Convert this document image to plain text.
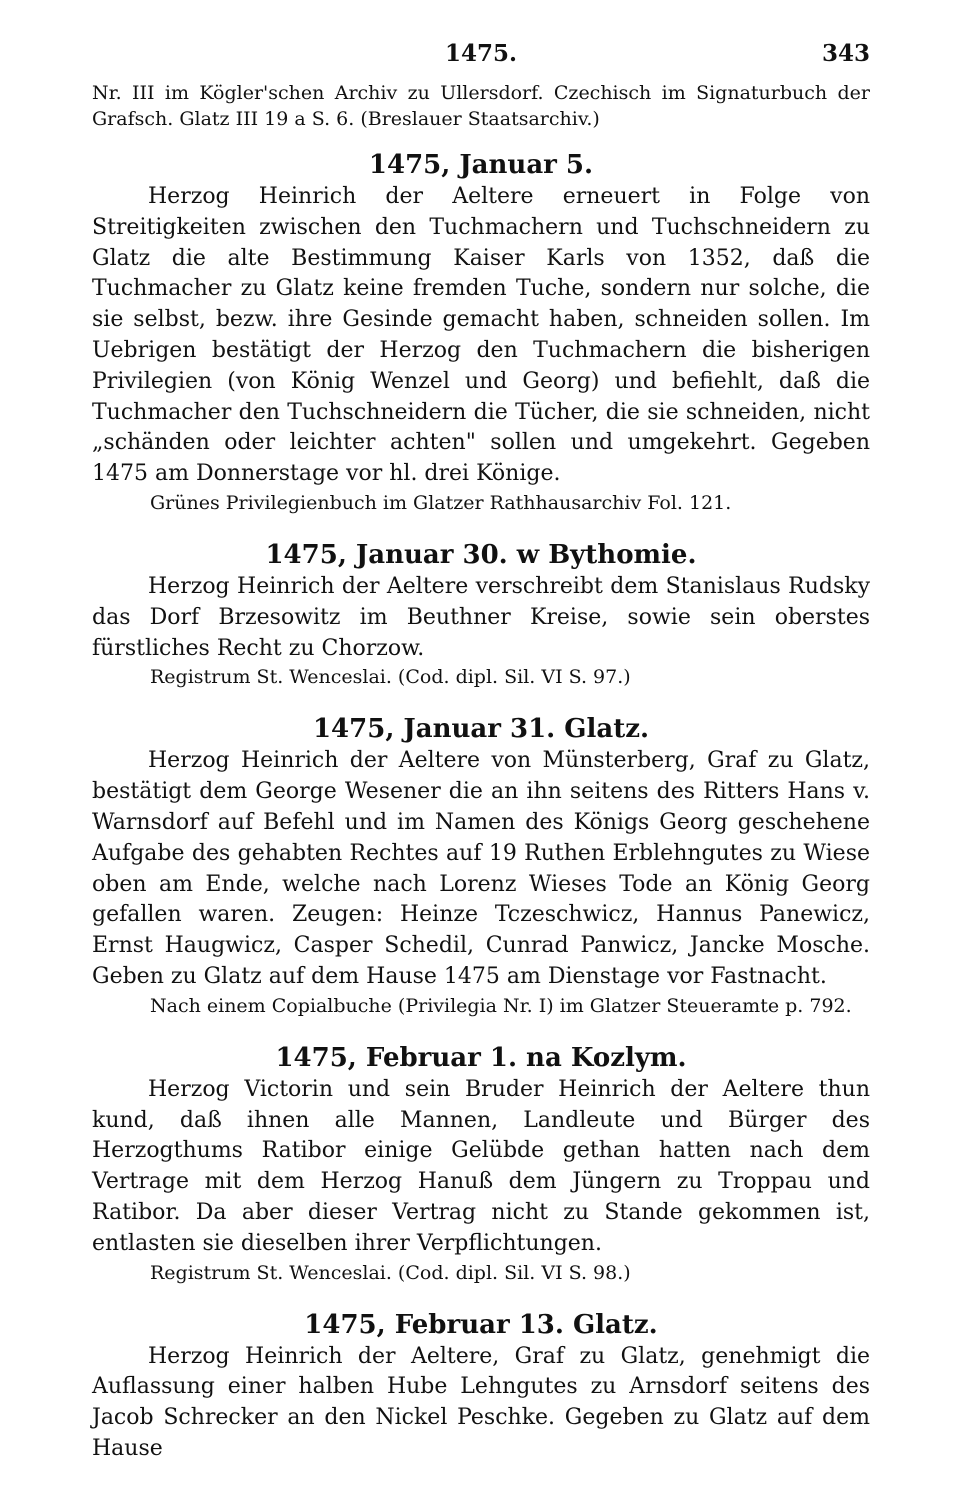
1475.	343

Nr. III im Kögler'schen Archiv zu Ullersdorf. Czechisch im Signaturbuch der Grafsch. Glatz III 19 a S. 6. (Breslauer Staatsarchiv.)

1475, Januar 5.

Herzog Heinrich der Aeltere erneuert in Folge von Streitigkeiten zwischen den Tuchmachern und Tuchschneidern zu Glatz die alte Bestimmung Kaiser Karls von 1352, daß die Tuchmacher zu Glatz keine fremden Tuche, sondern nur solche, die sie selbst, bezw. ihre Gesinde gemacht haben, schneiden sollen. Im Uebrigen bestätigt der Herzog den Tuchmachern die bisherigen Privilegien (von König Wenzel und Georg) und befiehlt, daß die Tuchmacher den Tuchschneidern die Tücher, die sie schneiden, nicht „schänden oder leichter achten" sollen und umgekehrt. Gegeben 1475 am Donnerstage vor hl. drei Könige.

Grünes Privilegienbuch im Glatzer Rathhausarchiv Fol. 121.

1475, Januar 30. w Bythomie.

Herzog Heinrich der Aeltere verschreibt dem Stanislaus Rudsky das Dorf Brzesowitz im Beuthner Kreise, sowie sein oberstes fürstliches Recht zu Chorzow.

Registrum St. Wenceslai. (Cod. dipl. Sil. VI S. 97.)

1475, Januar 31. Glatz.

Herzog Heinrich der Aeltere von Münsterberg, Graf zu Glatz, bestätigt dem George Wesener die an ihn seitens des Ritters Hans v. Warnsdorf auf Befehl und im Namen des Königs Georg geschehene Aufgabe des gehabten Rechtes auf 19 Ruthen Erblehngutes zu Wiese oben am Ende, welche nach Lorenz Wieses Tode an König Georg gefallen waren. Zeugen: Heinze Tczeschwicz, Hannus Panewicz, Ernst Haugwicz, Casper Schedil, Cunrad Panwicz, Jancke Mosche. Geben zu Glatz auf dem Hause 1475 am Dienstage vor Fastnacht.

Nach einem Copialbuche (Privilegia Nr. I) im Glatzer Steueramte p. 792.

1475, Februar 1. na Kozlym.

Herzog Victorin und sein Bruder Heinrich der Aeltere thun kund, daß ihnen alle Mannen, Landleute und Bürger des Herzogthums Ratibor einige Gelübde gethan hatten nach dem Vertrage mit dem Herzog Hanuß dem Jüngern zu Troppau und Ratibor. Da aber dieser Vertrag nicht zu Stande gekommen ist, entlasten sie dieselben ihrer Verpflichtungen.

Registrum St. Wenceslai. (Cod. dipl. Sil. VI S. 98.)

1475, Februar 13. Glatz.

Herzog Heinrich der Aeltere, Graf zu Glatz, genehmigt die Auflassung einer halben Hube Lehngutes zu Arnsdorf seitens des Jacob Schrecker an den Nickel Peschke. Gegeben zu Glatz auf dem Hause
